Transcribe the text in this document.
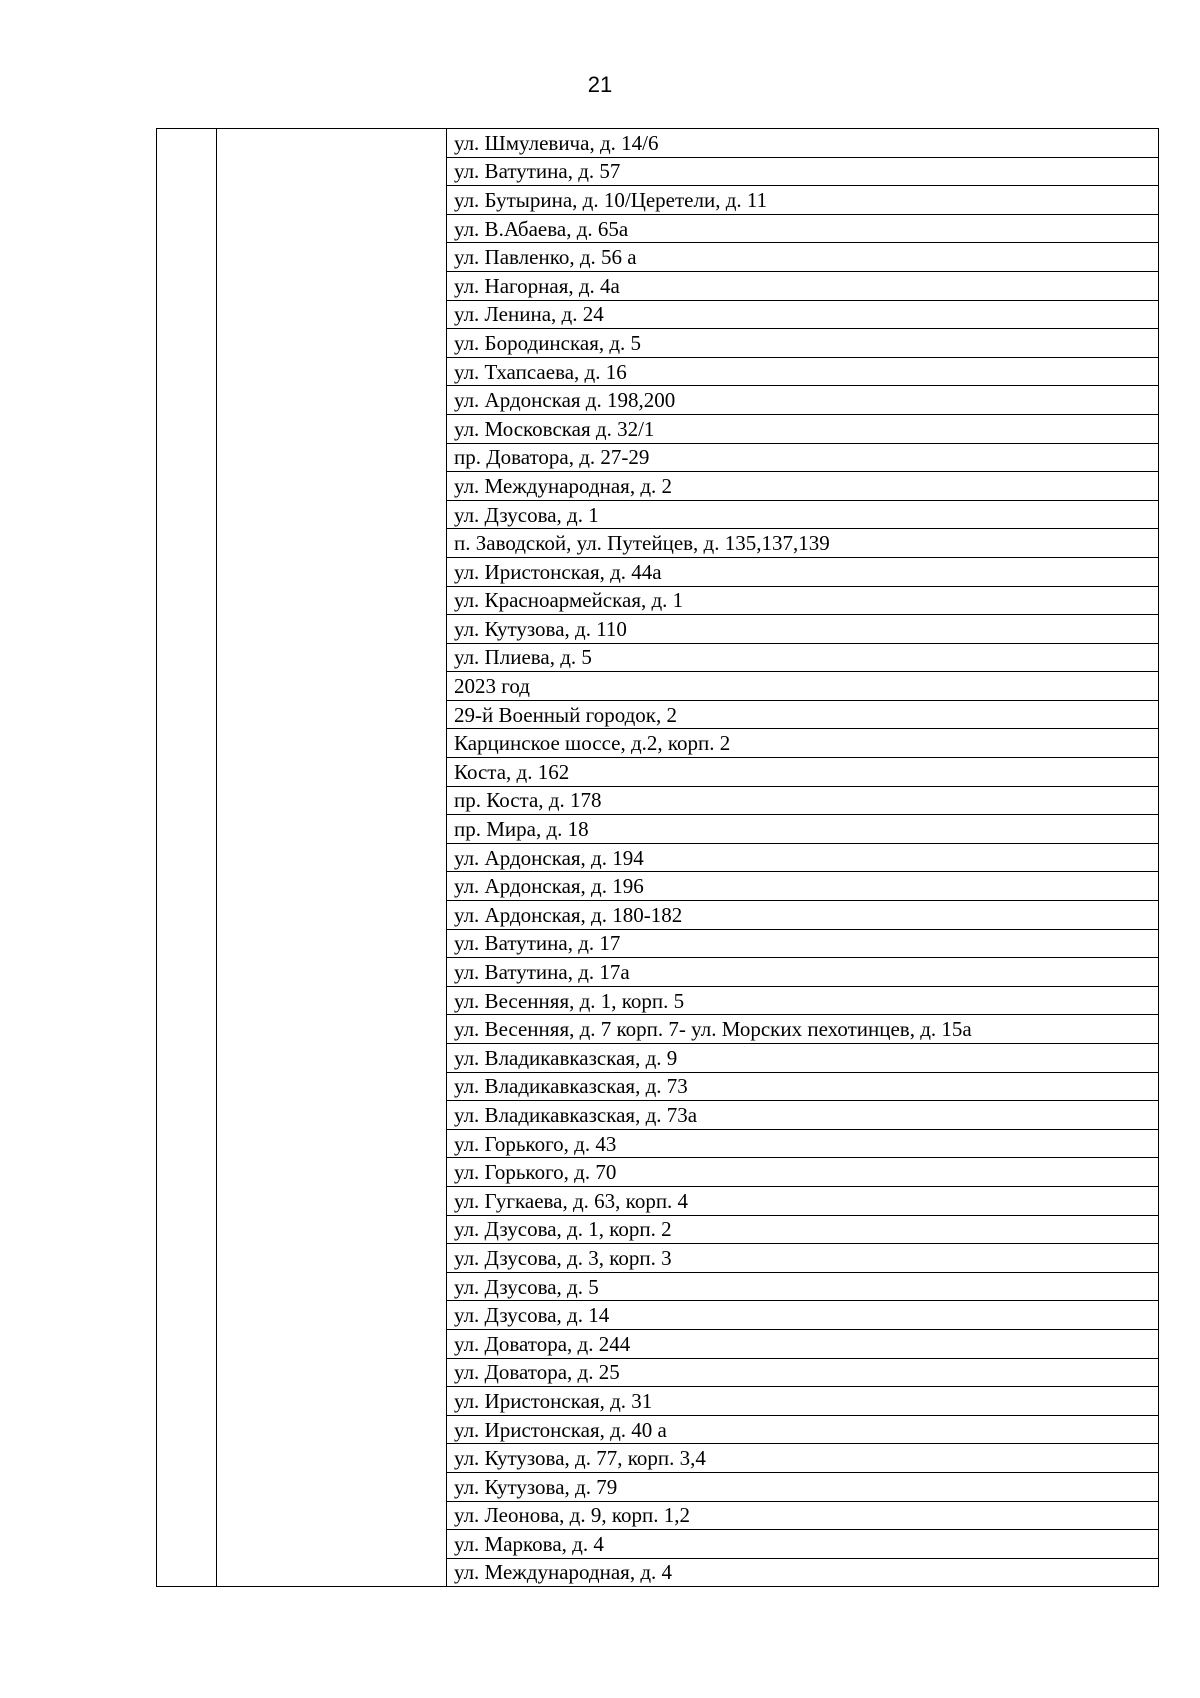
21
		ул. Шмулевича, д. 14/6
ул. Ватутина, д. 57
ул. Бутырина, д. 10/Церетели, д. 11
ул. В.Абаева, д. 65а
ул. Павленко, д. 56 а
ул. Нагорная, д. 4а
ул. Ленина, д. 24
ул. Бородинская, д. 5
ул. Тхапсаева, д. 16
ул. Ардонская д. 198,200
ул. Московская д. 32/1
пр. Доватора, д. 27-29
ул. Международная, д. 2
ул. Дзусова, д. 1
п. Заводской, ул. Путейцев, д. 135,137,139
ул. Иристонская, д. 44а
ул. Красноармейская, д. 1
ул. Кутузова, д. 110
ул. Плиева, д. 5
2023 год
29-й Военный городок, 2
Карцинское шоссе, д.2, корп. 2
Коста, д. 162
пр. Коста, д. 178
пр. Мира, д. 18
ул. Ардонская, д. 194
ул. Ардонская, д. 196
ул. Ардонская, д. 180-182
ул. Ватутина, д. 17
ул. Ватутина, д. 17а
ул. Весенняя, д. 1, корп. 5
ул. Весенняя, д. 7 корп. 7- ул. Морских пехотинцев, д. 15а
ул. Владикавказская, д. 9
ул. Владикавказская, д. 73
ул. Владикавказская, д. 73а
ул. Горького, д. 43
ул. Горького, д. 70
ул. Гугкаева, д. 63, корп. 4
ул. Дзусова, д. 1, корп. 2
ул. Дзусова, д. 3, корп. 3
ул. Дзусова, д. 5
ул. Дзусова, д. 14
ул. Доватора, д. 244
ул. Доватора, д. 25
ул. Иристонская, д. 31
ул. Иристонская, д. 40 а
ул. Кутузова, д. 77, корп. 3,4
ул. Кутузова, д. 79
ул. Леонова, д. 9, корп. 1,2
ул. Маркова, д. 4
ул. Международная, д. 4
